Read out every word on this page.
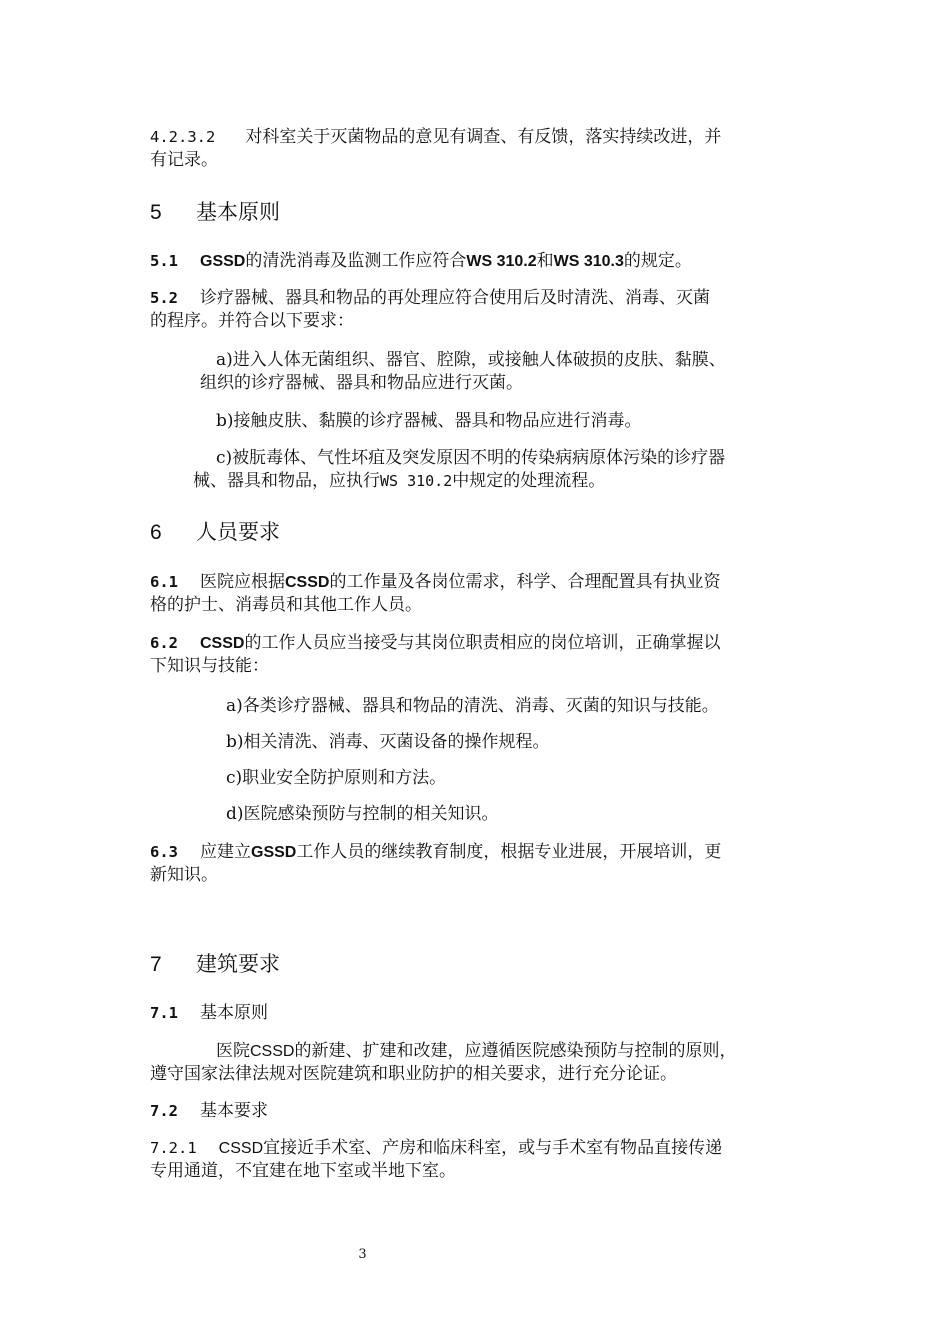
4.2.3.2 对科室关于灭菌物品的意见有调查、有反馈，落实持续改进，并
有记录。
5 基本原则
5.1 GSSD的清洗消毒及监测工作应符合WS 310.2和WS 310.3的规定。
5.2 诊疗器械、器具和物品的再处理应符合使用后及时清洗、消毒、灭菌
的程序。并符合以下要求：
a)进入人体无菌组织、器官、腔隙，或接触人体破损的皮肤、黏膜、
组织的诊疗器械、器具和物品应进行灭菌。
b)接触皮肤、黏膜的诊疗器械、器具和物品应进行消毒。
c)被朊毒体、气性坏疽及突发原因不明的传染病病原体污染的诊疗器
械、器具和物品，应执行WS 310.2中规定的处理流程。
6 人员要求
6.1 医院应根据CSSD的工作量及各岗位需求，科学、合理配置具有执业资
格的护士、消毒员和其他工作人员。
6.2 CSSD的工作人员应当接受与其岗位职责相应的岗位培训，正确掌握以
下知识与技能：
a)各类诊疗器械、器具和物品的清洗、消毒、灭菌的知识与技能。
b)相关清洗、消毒、灭菌设备的操作规程。
c)职业安全防护原则和方法。
d)医院感染预防与控制的相关知识。
6.3 应建立GSSD工作人员的继续教育制度，根据专业进展，开展培训，更
新知识。
7 建筑要求
7.1 基本原则
医院CSSD的新建、扩建和改建，应遵循医院感染预防与控制的原则，
遵守国家法律法规对医院建筑和职业防护的相关要求，进行充分论证。
7.2 基本要求
7.2.1 CSSD宜接近手术室、产房和临床科室，或与手术室有物品直接传递
专用通道，不宜建在地下室或半地下室。
3
